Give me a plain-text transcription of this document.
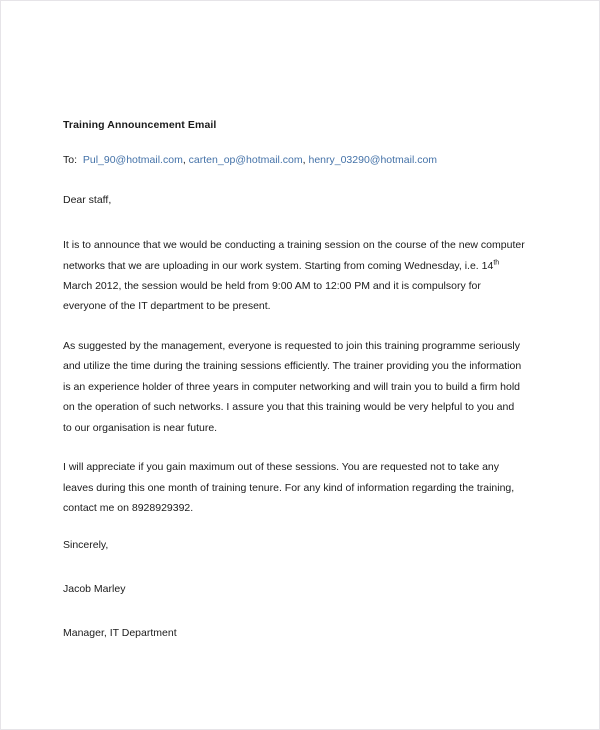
Training Announcement Email

To: Pul_90@hotmail.com, carten_op@hotmail.com, henry_03290@hotmail.com

Dear staff,

It is to announce that we would be conducting a training session on the course of the new computer networks that we are uploading in our work system. Starting from coming Wednesday, i.e. 14th March 2012, the session would be held from 9:00 AM to 12:00 PM and it is compulsory for everyone of the IT department to be present.

As suggested by the management, everyone is requested to join this training programme seriously and utilize the time during the training sessions efficiently. The trainer providing you the information is an experience holder of three years in computer networking and will train you to build a firm hold on the operation of such networks. I assure you that this training would be very helpful to you and to our organisation is near future.

I will appreciate if you gain maximum out of these sessions. You are requested not to take any leaves during this one month of training tenure. For any kind of information regarding the training, contact me on 8928929392.

Sincerely,

Jacob Marley

Manager, IT Department
